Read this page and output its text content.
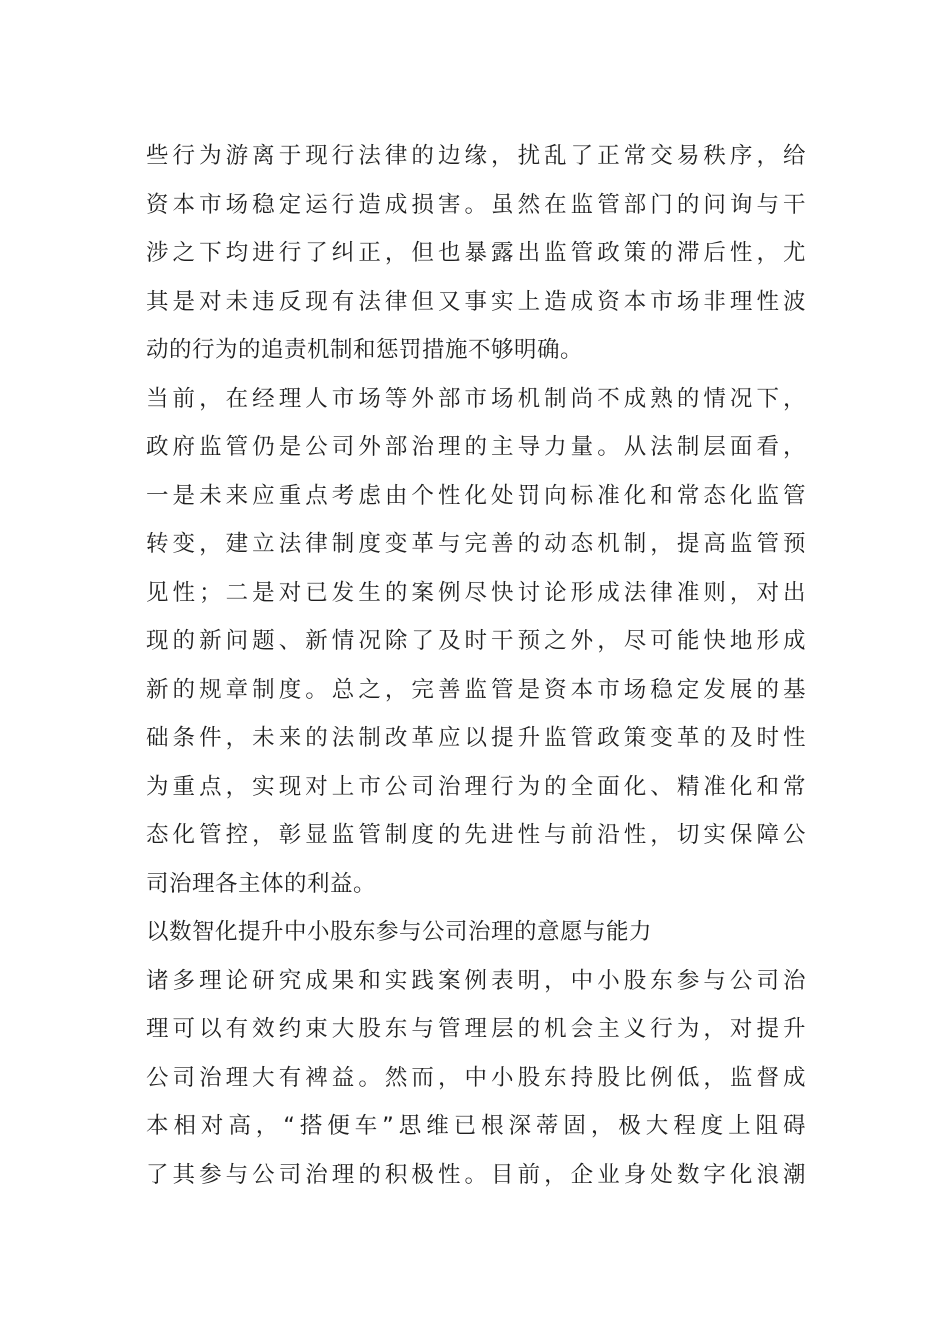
些行为游离于现行法律的边缘，扰乱了正常交易秩序，给
资本市场稳定运行造成损害。虽然在监管部门的问询与干
涉之下均进行了纠正，但也暴露出监管政策的滞后性，尤
其是对未违反现有法律但又事实上造成资本市场非理性波
动的行为的追责机制和惩罚措施不够明确。
当前，在经理人市场等外部市场机制尚不成熟的情况下，
政府监管仍是公司外部治理的主导力量。从法制层面看，
一是未来应重点考虑由个性化处罚向标准化和常态化监管
转变，建立法律制度变革与完善的动态机制，提高监管预
见性；二是对已发生的案例尽快讨论形成法律准则，对出
现的新问题、新情况除了及时干预之外，尽可能快地形成
新的规章制度。总之，完善监管是资本市场稳定发展的基
础条件，未来的法制改革应以提升监管政策变革的及时性
为重点，实现对上市公司治理行为的全面化、精准化和常
态化管控，彰显监管制度的先进性与前沿性，切实保障公
司治理各主体的利益。
以数智化提升中小股东参与公司治理的意愿与能力
诸多理论研究成果和实践案例表明，中小股东参与公司治
理可以有效约束大股东与管理层的机会主义行为，对提升
公司治理大有裨益。然而，中小股东持股比例低，监督成
本相对高，“搭便车”思维已根深蒂固，极大程度上阻碍
了其参与公司治理的积极性。目前，企业身处数字化浪潮
